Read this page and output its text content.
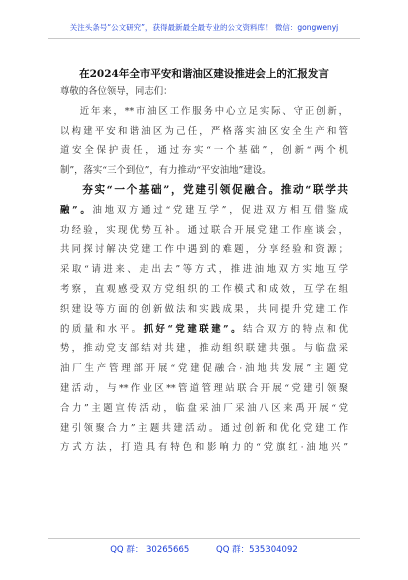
关注头条号“公文研究”，获得最新最全最专业的公文资料库！ 微信：gongwenyj
在2024年全市平安和谐油区建设推进会上的汇报发言
尊敬的各位领导，同志们：
近年来，**市油区工作服务中心立足实际、守正创新，
以构建平安和谐油区为己任，严格落实油区安全生产和管
道安全保护责任，通过夯实“一个基础”，创新“两个机
制”，落实“三个到位”，有力推动“平安油地”建设。
夯实“一个基础”，党建引领促融合。推动“联学共
融”。油地双方通过“党建互学”，促进双方相互借鉴成
功经验，实现优势互补。通过联合开展党建工作座谈会，
共同探讨解决党建工作中遇到的难题，分享经验和资源；
采取“请进来、走出去”等方式，推进油地双方实地互学
考察，直观感受双方党组织的工作模式和成效，互学在组
织建设等方面的创新做法和实践成果，共同提升党建工作
的质量和水平。抓好“党建联建”。结合双方的特点和优
势，推动党支部结对共建，推动组织联建共强。与临盘采
油厂生产管理部开展“党建促融合·油地共发展”主题党
建活动，与**作业区**管道管理站联合开展“党建引领聚
合力”主题宣传活动，临盘采油厂采油八区来禹开展“党
建引领聚合力”主题共建活动。通过创新和优化党建工作
方式方法，打造具有特色和影响力的“党旗红·油地兴”
QQ 群： 30265665	QQ 群：535304092
